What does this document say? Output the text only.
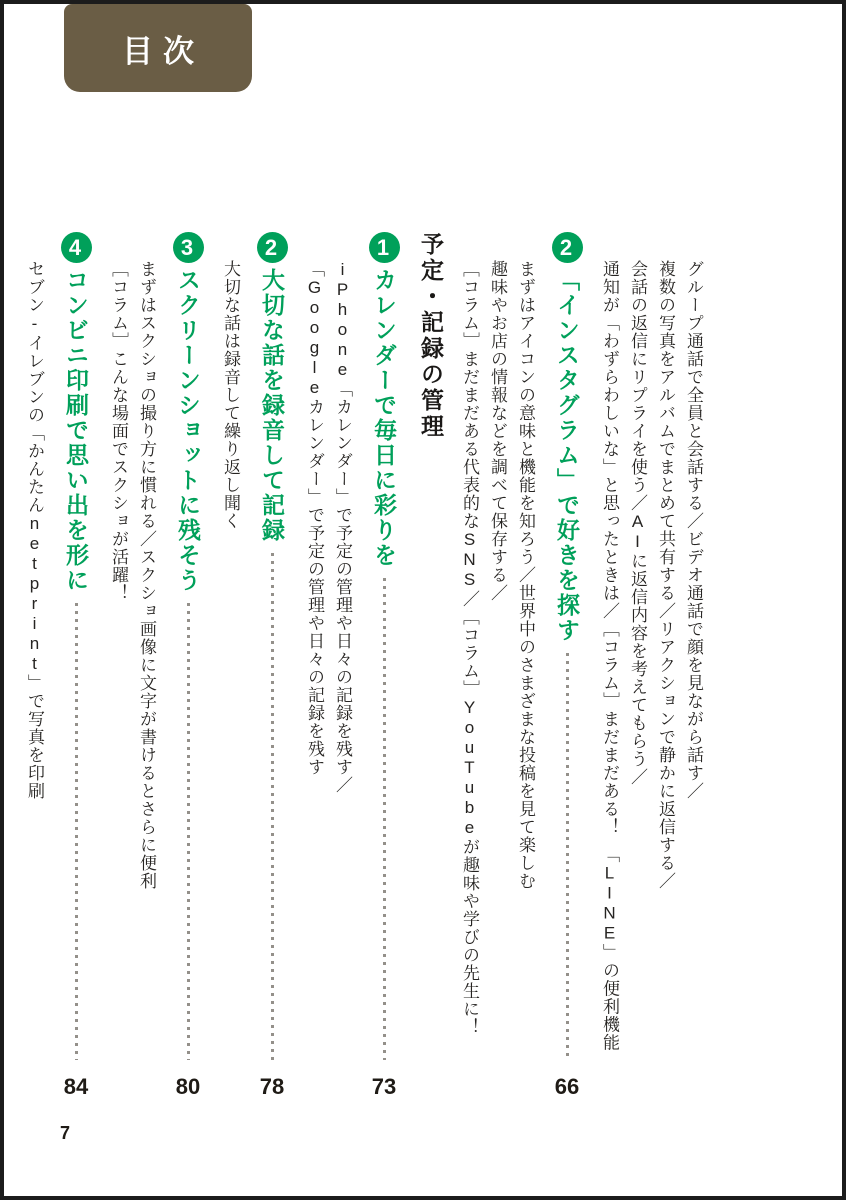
目次
グループ通話で全員と会話する／ビデオ通話で顔を見ながら話す／
複数の写真をアルバムでまとめて共有する／リアクションで静かに返信する／
会話の返信にリプライを使う／AIに返信内容を考えてもらう／
通知が「わずらわしいな」と思ったときは／［コラム］まだまだある！　「LINE」の便利機能
2「インスタグラム」で好きを探す
66
まずはアイコンの意味と機能を知ろう／世界中のさまざまな投稿を見て楽しむ
趣味やお店の情報などを調べて保存する／
［コラム］まだまだある代表的なSNS／［コラム］YouTubeが趣味や学びの先生に！
予定・記録の管理
1カレンダーで毎日に彩りを
73
iPhone「カレンダー」で予定の管理や日々の記録を残す／
「Googleカレンダー」で予定の管理や日々の記録を残す
2大切な話を録音して記録
78
大切な話は録音して繰り返し聞く
3スクリーンショットに残そう
80
まずはスクショの撮り方に慣れる／スクショ画像に文字が書けるとさらに便利
［コラム］こんな場面でスクショが活躍！
4コンビニ印刷で思い出を形に
84
セブン-イレブンの「かんたんnetprint」で写真を印刷
7
